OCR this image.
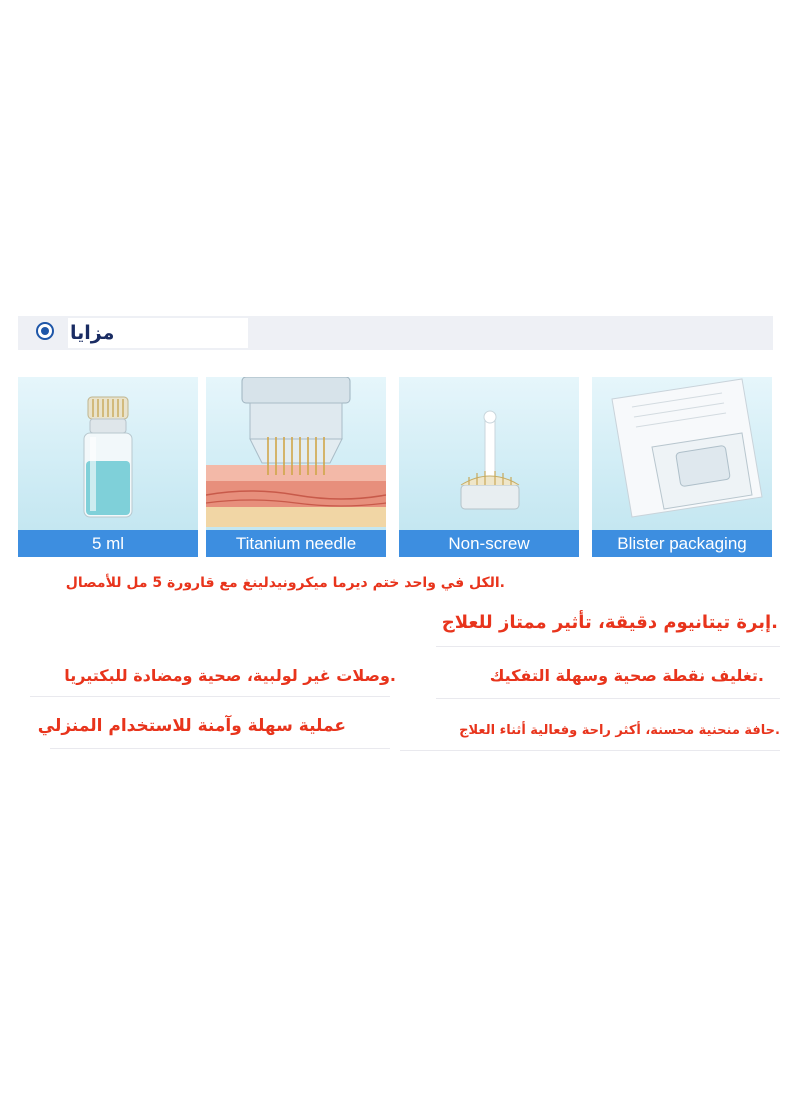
مزايا
5 ml	Titanium needle	Non-screw	Blister packaging
.الكل في واحد ختم ديرما ميكرونيدلينغ مع قارورة 5 مل للأمصال
.إبرة تيتانيوم دقيقة، تأثير ممتاز للعلاج
.وصلات غير لولبية، صحية ومضادة للبكتيريا	.تغليف نقطة صحية وسهلة التفكيك
عملية سهلة وآمنة للاستخدام المنزلي	.حافة منحنية محسنة، أكثر راحة وفعالية أثناء العلاج
